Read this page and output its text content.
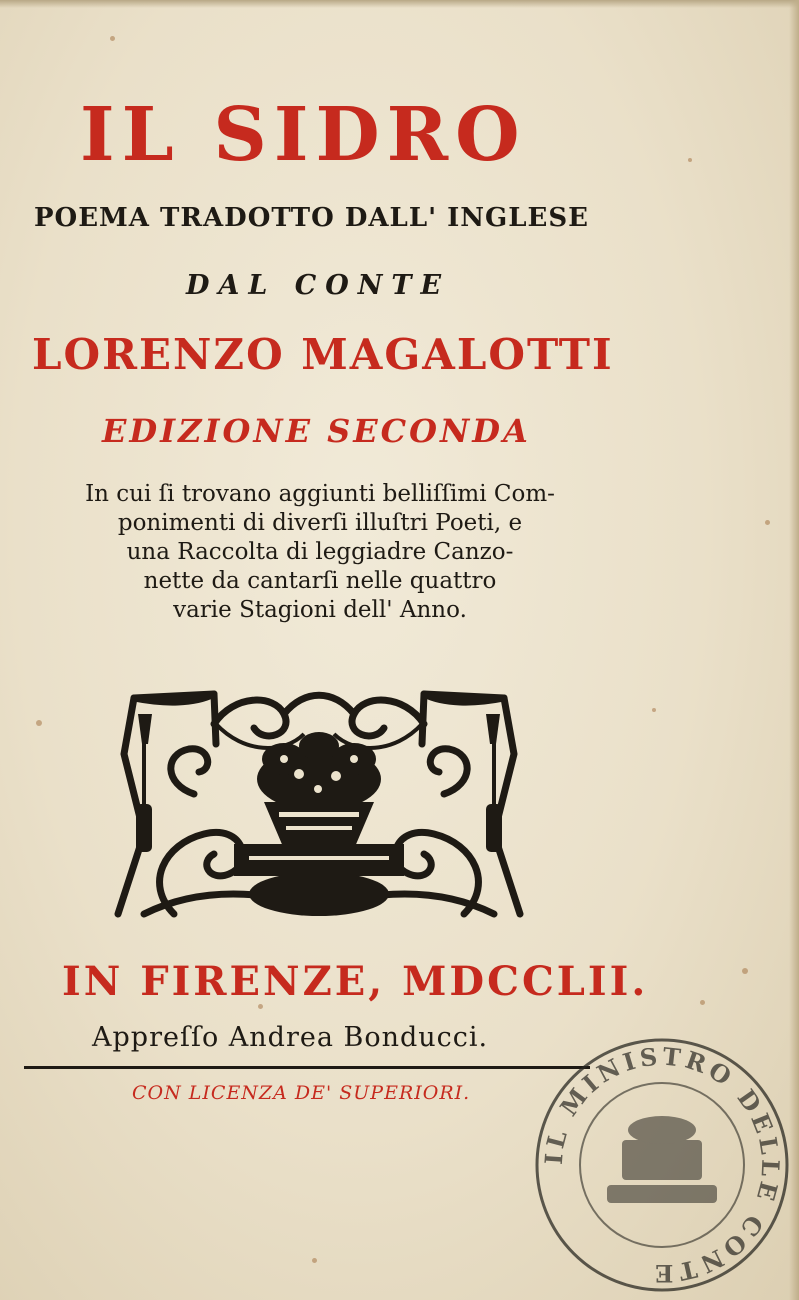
IL SIDRO

POEMA TRADOTTO DALL' INGLESE

DAL CONTE

LORENZO MAGALOTTI

EDIZIONE SECONDA

In cui ſi trovano aggiunti belliſſimi Com-
ponimenti di diverſi illuſtri Poeti, e
una Raccolta di leggiadre Canzo-
nette da cantarſi nelle quattro
varie Stagioni dell' Anno.

IN FIRENZE, MDCCLII.

Appreſſo Andrea Bonducci.

CON LICENZA DE' SUPERIORI.

IL MINISTRO DELLE CONTE
